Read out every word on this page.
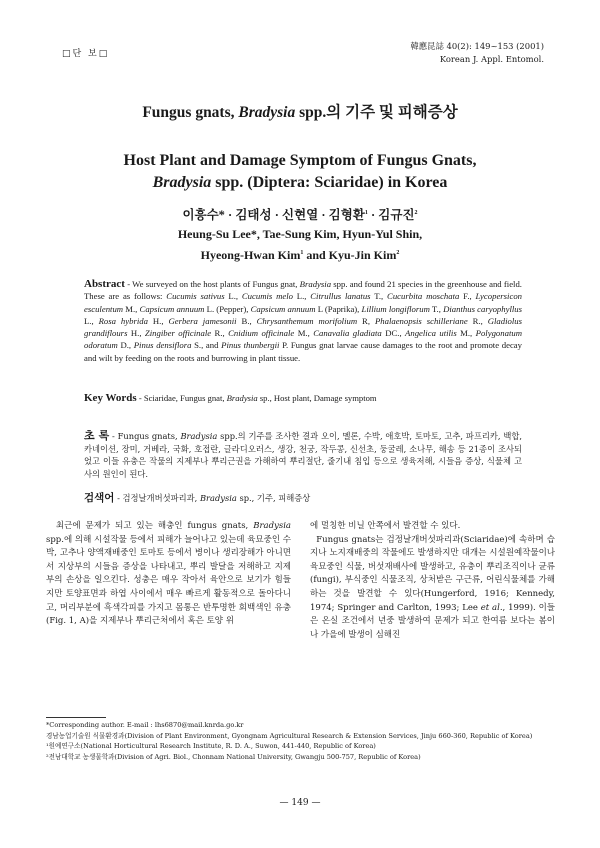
□단 보□
韓應昆誌 40(2): 149~153 (2001)
Korean J. Appl. Entomol.
Fungus gnats, Bradysia spp.의 기주 및 피해증상
Host Plant and Damage Symptom of Fungus Gnats,
Bradysia spp. (Diptera: Sciaridae) in Korea
이흥수* · 김태성 · 신현열 · 김형환$^1$ · 김규진$^2$
Heung-Su Lee*, Tae-Sung Kim, Hyun-Yul Shin,
Hyeong-Hwan Kim$^1$ and Kyu-Jin Kim$^2$
Abstract - We surveyed on the host plants of Fungus gnat, Bradysia spp. and found 21 species in the greenhouse and field. These are as follows: Cucumis sativus L., Cucumis melo L., Citrullus lanatus T., Cucurbita moschata F., Lycopersicon esculentum M., Capsicum annuum L. (Pepper), Capsicum annuum L (Paprika), Lillium longiflorum T., Dianthus caryophyllus L., Rosa hybrida H., Gerbera jamesonii B., Chrysanthemum morifolium R, Phalaenopsis schilleriane R., Gladiolus grandiflours H., Zingiber officinale R., Cnidium officinale M., Canavalia gladiata DC., Angelica utilis M., Polygonatum odoratum D., Pinus densiflora S., and Pinus thunbergii P. Fungus gnat larvae cause damages to the root and promote decay and wilt by feeding on the roots and burrowing in plant tissue.
Key Words - Sciaridae, Fungus gnat, Bradysia sp., Host plant, Damage symptom
초 록 - Fungus gnats, Bradysia spp.의 기주를 조사한 결과 오이, 멜론, 수박, 애호박, 토마토, 고추, 파프리카, 백합, 카네이션, 장미, 거베라, 국화, 호접란, 글라디오러스, 생강, 천궁, 작두콩, 신선초, 둥굴레, 소나무, 해송 등 21종이 조사되었고 이들 유충은 작물의 지제부나 뿌리근권을 가해하여 뿌리절단, 줄기내 침입 등으로 생육저해, 시들음 증상, 식물체 고사의 원인이 된다.
검색어 - 검정날개버섯파리과, Bradysia sp., 기주, 피해증상
최근에 문제가 되고 있는 해충인 fungus gnats, Bradysia spp.에 의해 시설작물 등에서 피해가 늘어나고 있는데 육묘중인 수박, 고추나 양액재배중인 토마토 등에서 병이나 생리장해가 아니면서 지상부의 시들음 증상을 나타내고, 뿌리 발달을 저해하고 지제부의 손상을 일으킨다. 성충은 매우 작아서 육안으로 보기가 힘들지만 토양표면과 하엽 사이에서 매우 빠르게 활동적으로 돌아다니고, 머리부분에 흑색각피를 가지고 몸통은 반투명한 회백색인 유충(Fig. 1, A)을 지제부나 뿌리근처에서 혹은 토양 위
에 멀칭한 비닐 안쪽에서 발견할 수 있다.
Fungus gnats는 검정날개버섯파리과(Sciaridae)에 속하며 습지나 노지재배중의 작물에도 발생하지만 대개는 시설원예작물이나 육묘중인 식물, 버섯재배사에 발생하고, 유충이 뿌리조직이나 균류(fungi), 부식중인 식물조직, 상처받은 구근류, 어린식물체를 가해하는 것을 발견할 수 있다(Hungerford, 1916; Kennedy, 1974; Springer and Carlton, 1993; Lee et al., 1999). 이들은 온실 조건에서 년중 발생하여 문제가 되고 한여름 보다는 봄이나 가을에 발생이 심해진
*Corresponding author. E-mail : lhs6870@mail.knrda.go.kr
경남농업기술원 식물환경과(Division of Plant Environment, Gyongnam Agricultural Research & Extension Services, Jinju 660-360, Republic of Korea)
¹원예연구소(National Horticultural Research Institute, R. D. A., Suwon, 441-440, Republic of Korea)
²전남대학교 농생물학과(Division of Agri. Biol., Chonnam National University, Gwangju 500-757, Republic of Korea)
— 149 —
